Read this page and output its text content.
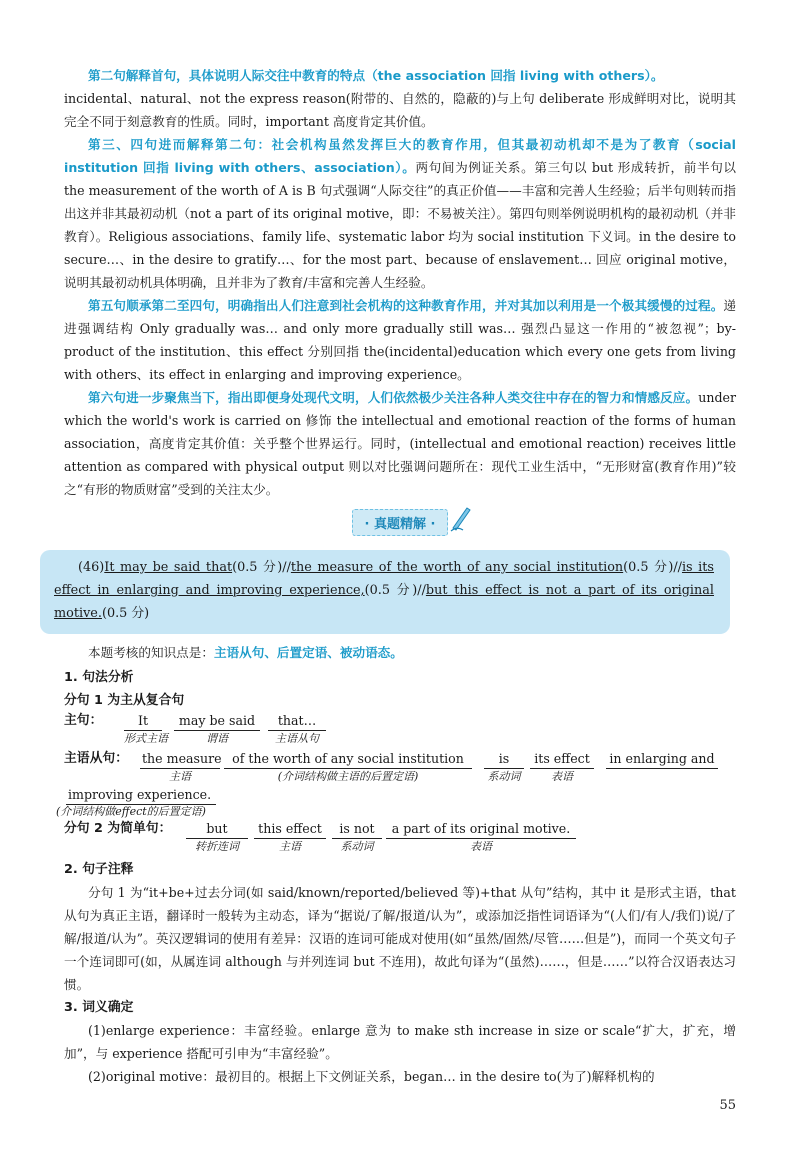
第二句解释首句，具体说明人际交往中教育的特点（the association 回指 living with others）。
incidental、natural、not the express reason(附带的、自然的，隐蔽的)与上句 deliberate 形成鲜明对比，说明其完全不同于刻意教育的性质。同时，important 高度肯定其价值。

第三、四句进而解释第二句：社会机构虽然发挥巨大的教育作用，但其最初动机却不是为了教育（social institution 回指 living with others、association）。两句间为例证关系。第三句以 but 形成转折，前半句以 the measurement of the worth of A is B 句式强调“人际交往”的真正价值——丰富和完善人生经验；后半句则转而指出这并非其最初动机（not a part of its original motive，即：不易被关注）。第四句则举例说明机构的最初动机（并非教育）。Religious associations、family life、systematic labor 均为 social institution 下义词。in the desire to secure…、in the desire to gratify…、for the most part、because of enslavement… 回应 original motive，说明其最初动机具体明确，且并非为了教育/丰富和完善人生经验。

第五句顺承第二至四句，明确指出人们注意到社会机构的这种教育作用，并对其加以利用是一个极其缓慢的过程。递进强调结构 Only gradually was… and only more gradually still was… 强烈凸显这一作用的“被忽视”；by-product of the institution、this effect 分别回指 the(incidental)education which every one gets from living with others、its effect in enlarging and improving experience。

第六句进一步聚焦当下，指出即便身处现代文明，人们依然极少关注各种人类交往中存在的智力和情感反应。under which the world's work is carried on 修饰 the intellectual and emotional reaction of the forms of human association，高度肯定其价值：关乎整个世界运行。同时，(intellectual and emotional reaction) receives little attention as compared with physical output 则以对比强调问题所在：现代工业生活中，“无形财富(教育作用)”较之“有形的物质财富”受到的关注太少。

· 真题精解 ·

(46)It may be said that(0.5 分)//the measure of the worth of any social institution(0.5 分)//is its effect in enlarging and improving experience,(0.5 分)//but this effect is not a part of its original motive.(0.5 分)

本题考核的知识点是：主语从句、后置定语、被动语态。

1. 句法分析

分句 1 为主从复合句

主句：	It
形式主语
may be said
谓语
that…
主语从句
主语从句： the measure
主语
of the worth of any social institution
(介词结构做主语的后置定语)
is
系动词
its effect
表语
in enlarging and
improving experience.
(介词结构做effect的后置定语)
分句 2 为简单句：	but
转折连词
this effect
主语
is not
系动词
a part of its original motive.
表语

2. 句子注释

分句 1 为“it+be+过去分词(如 said/known/reported/believed 等)+that 从句”结构，其中 it 是形式主语，that 从句为真正主语，翻译时一般转为主动态，译为“据说/了解/报道/认为”，或添加泛指性词语译为“(人们/有人/我们)说/了解/报道/认为”。英汉逻辑词的使用有差异：汉语的连词可能成对使用(如“虽然/固然/尽管……但是”)，而同一个英文句子一个连词即可(如，从属连词 although 与并列连词 but 不连用)，故此句译为“(虽然)……，但是……”以符合汉语表达习惯。

3. 词义确定

(1)enlarge experience：丰富经验。enlarge 意为 to make sth increase in size or scale“扩大，扩充，增加”，与 experience 搭配可引申为“丰富经验”。

(2)original motive：最初目的。根据上下文例证关系，began… in the desire to(为了)解释机构的

55
